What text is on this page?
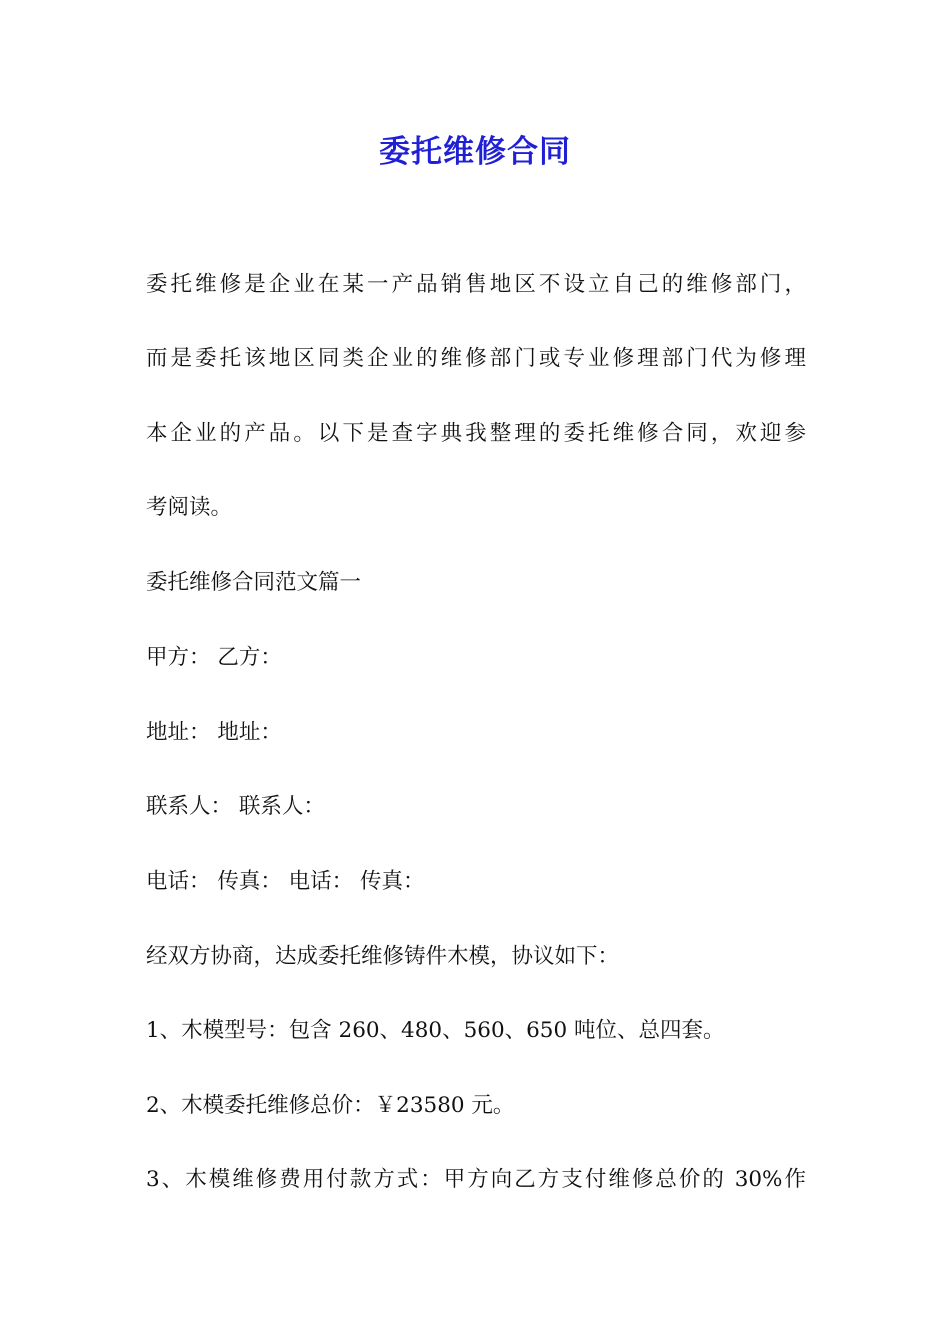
委托维修合同
委托维修是企业在某一产品销售地区不设立自己的维修部门，
而是委托该地区同类企业的维修部门或专业修理部门代为修理
本企业的产品。以下是查字典我整理的委托维修合同，欢迎参
考阅读。
委托维修合同范文篇一
甲方： 乙方：
地址： 地址：
联系人： 联系人：
电话： 传真： 电话： 传真：
经双方协商，达成委托维修铸件木模，协议如下：
1、木模型号：包含 260、480、560、650 吨位、总四套。
2、木模委托维修总价：￥23580 元。
3、木模维修费用付款方式：甲方向乙方支付维修总价的 30%作
